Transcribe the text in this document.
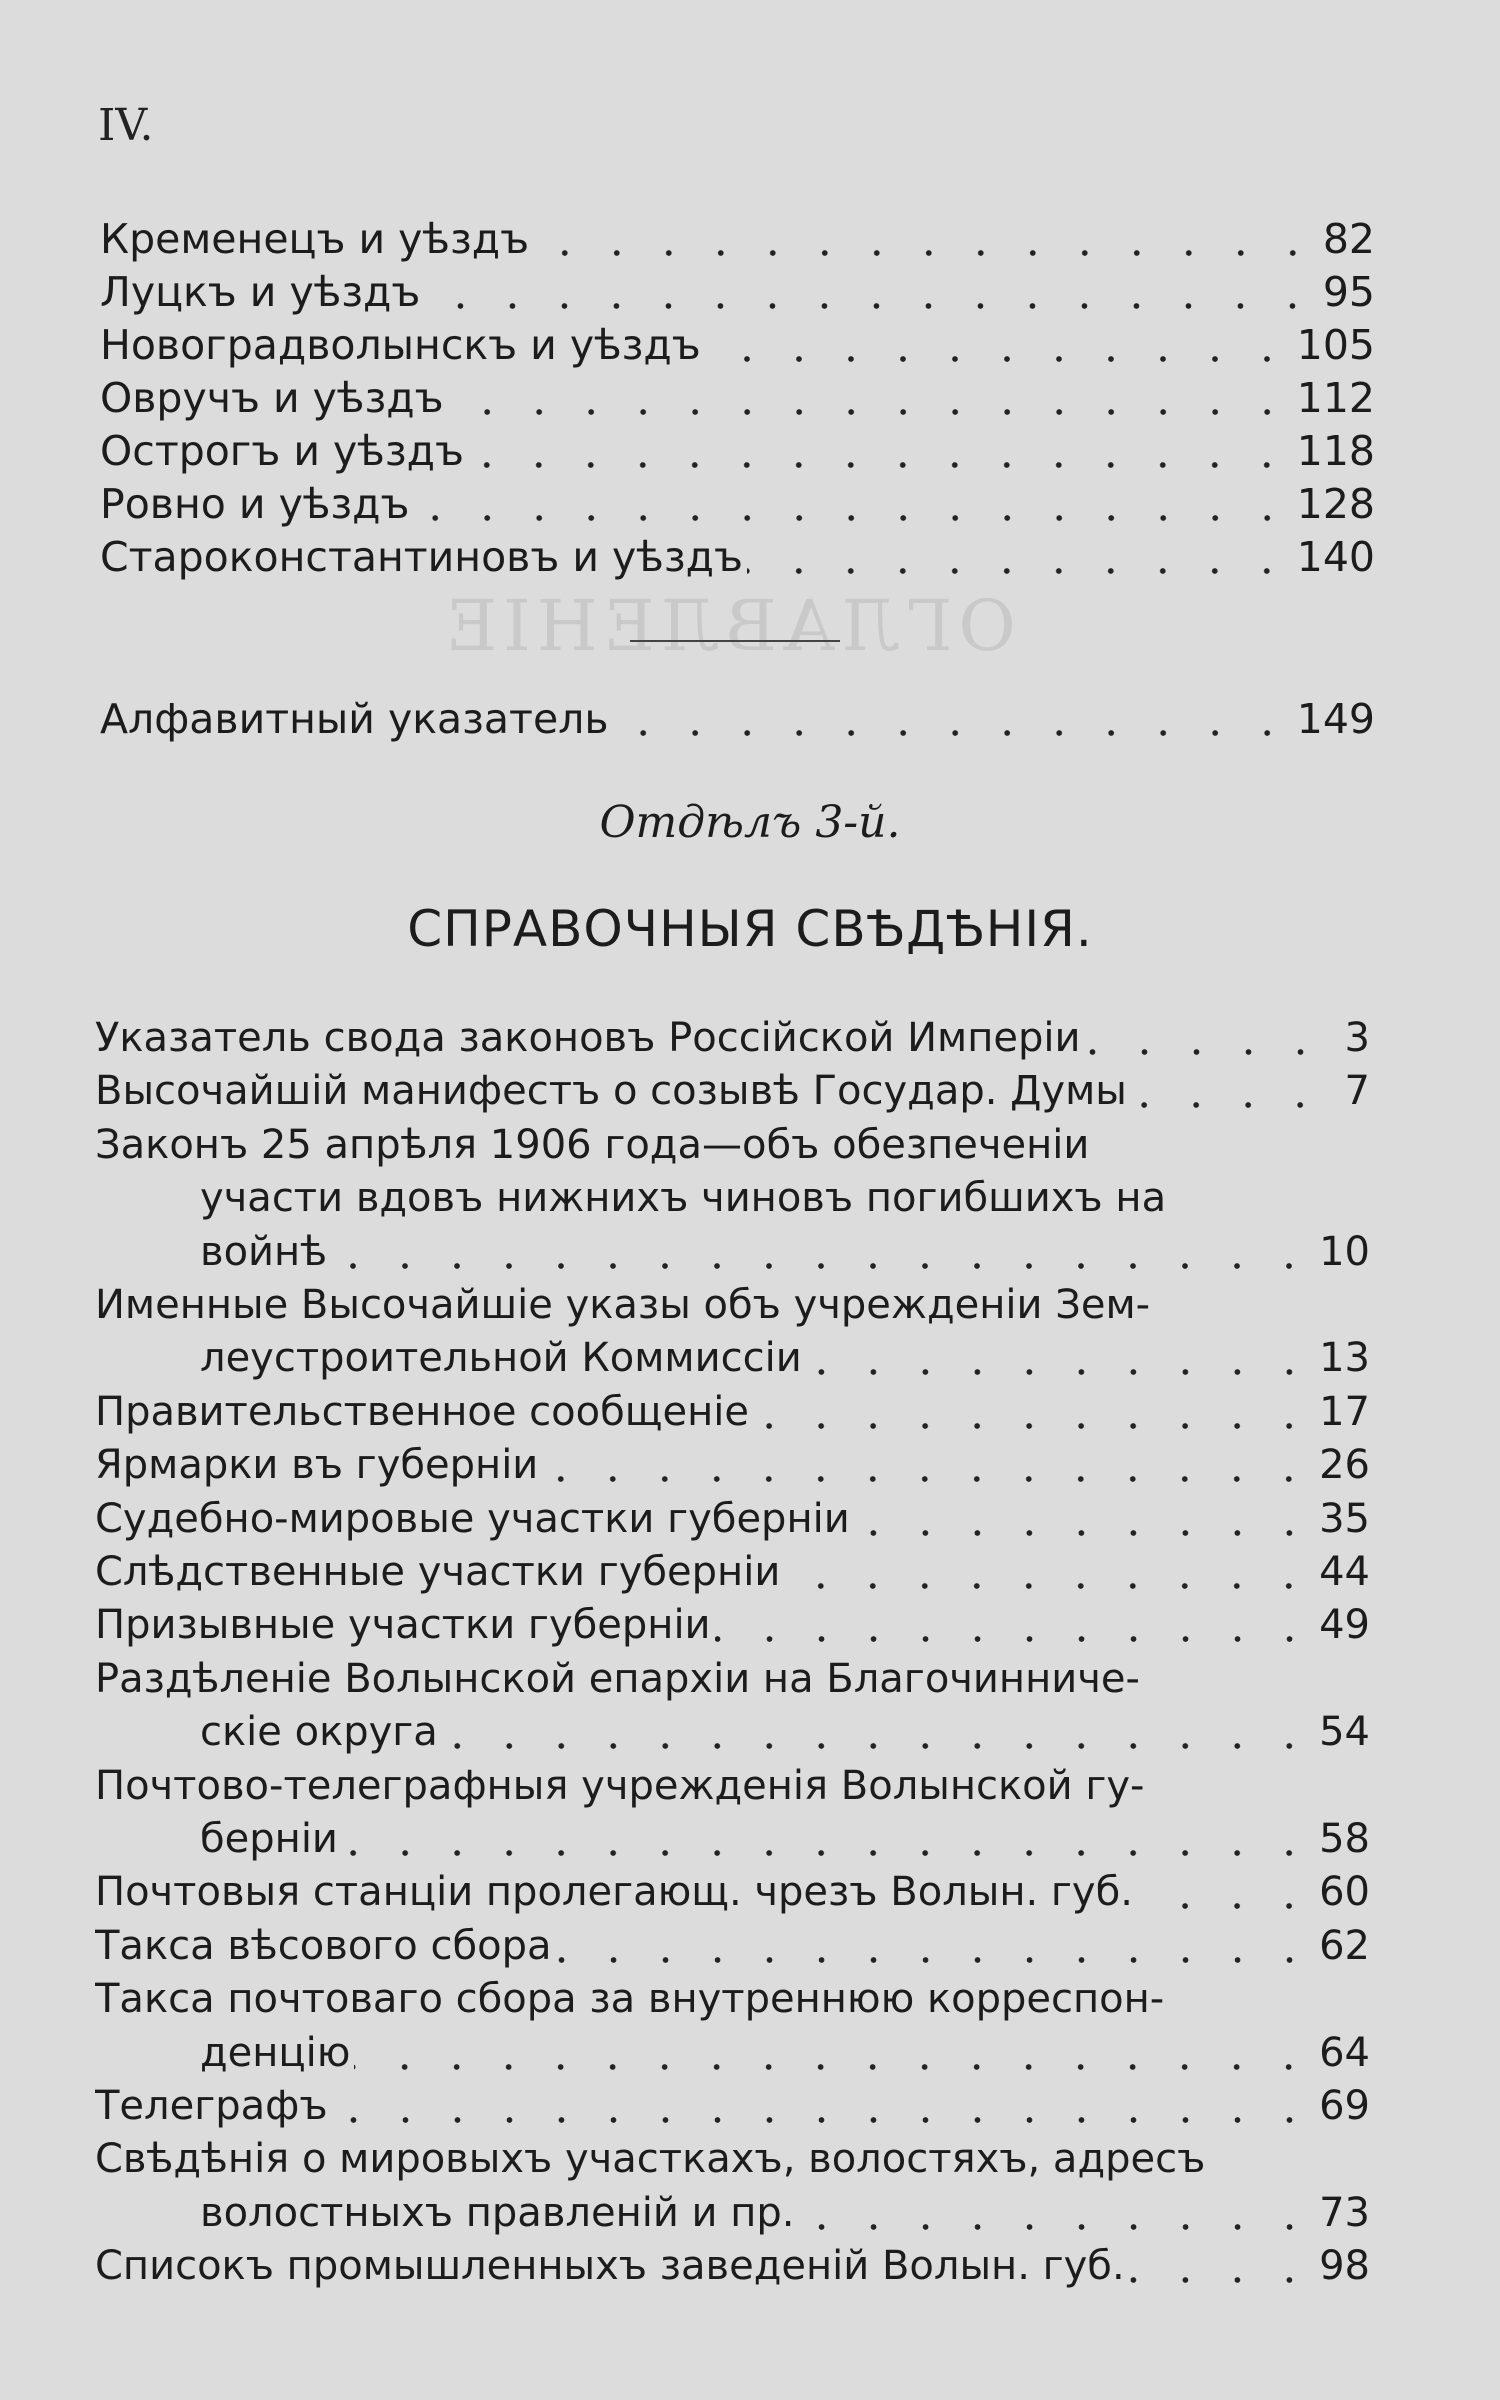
ОГЛАВЛЕНІЕ
IV.
Кременецъ и уѣздъ	82
Луцкъ и уѣздъ	95
Новоградволынскъ и уѣздъ	105
Овручъ и уѣздъ	112
Острогъ и уѣздъ	118
Ровно и уѣздъ	128
Староконстантиновъ и уѣздъ	140
Алфавитный указатель	149
Указатель свода законовъ Россійской Имперіи	3
Высочайшій манифестъ о созывѣ Государ. Думы	7
Законъ 25 апрѣля 1906 года—объ обезпеченіи
участи вдовъ нижнихъ чиновъ погибшихъ на
войнѣ	10
Именные Высочайшіе указы объ учрежденіи Зем-
леустроительной Коммиссіи	13
Правительственное сообщеніе	17
Ярмарки въ губерніи	26
Судебно-мировые участки губерніи	35
Слѣдственные участки губерніи	44
Призывные участки губерніи	49
Раздѣленіе Волынской епархіи на Благочинниче-
скіе округа	54
Почтово-телеграфныя учрежденія Волынской гу-
берніи	58
Почтовыя станціи пролегающ. чрезъ Волын. губ.	60
Такса вѣсового сбора	62
Такса почтоваго сбора за внутреннюю корреспон-
денцію	64
Телеграфъ	69
Свѣдѣнія о мировыхъ участкахъ, волостяхъ, адресъ
волостныхъ правленій и пр.	73
Списокъ промышленныхъ заведеній Волын. губ.	98
Отдѣлъ 3-й.
СПРАВОЧНЫЯ СВѢДѢНІЯ.
